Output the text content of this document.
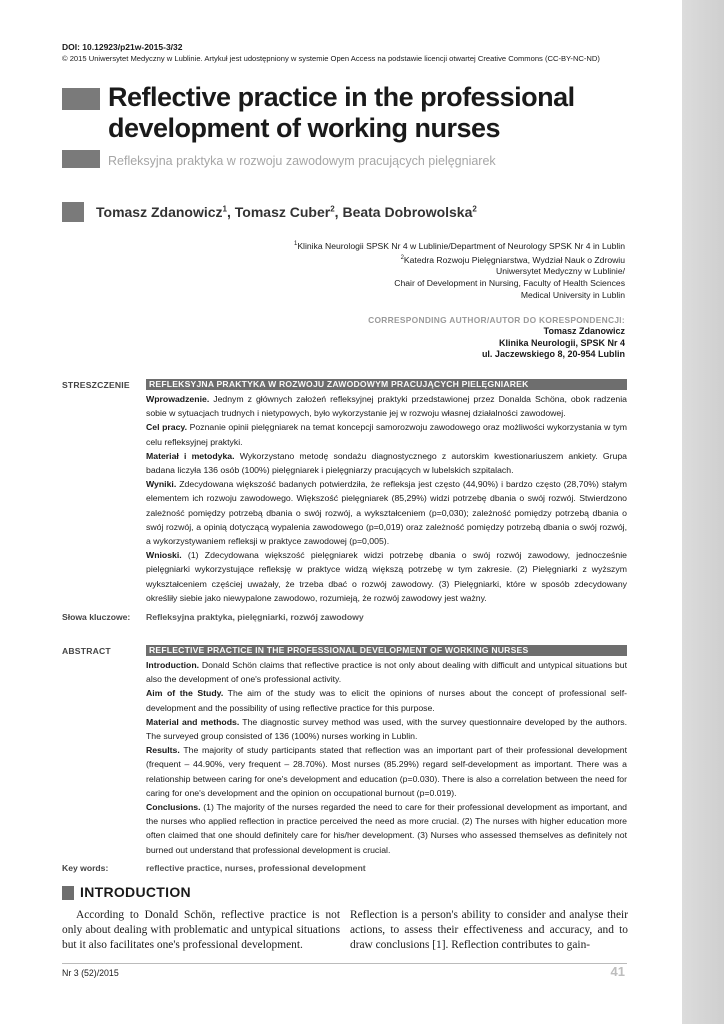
PRACE ORYGINALNE
Original Papers
DOI: 10.12923/p21w-2015-3/32
© 2015 Uniwersytet Medyczny w Lublinie. Artykuł jest udostępniony w systemie Open Access na podstawie licencji otwartej Creative Commons (CC-BY-NC-ND)
Reflective practice in the professional
development of working nurses
Refleksyjna praktyka w rozwoju zawodowym pracujących pielęgniarek
Tomasz Zdanowicz$^1$, Tomasz Cuber$^2$, Beata Dobrowolska$^2$
$^1$Klinika Neurologii SPSK Nr 4 w Lublinie/Department of Neurology SPSK Nr 4 in Lublin
$^2$Katedra Rozwoju Pielęgniarstwa, Wydział Nauk o Zdrowiu
Uniwersytet Medyczny w Lublinie/
Chair of Development in Nursing, Faculty of Health Sciences
Medical University in Lublin
CORRESPONDING AUTHOR/AUTOR DO KORESPONDENCJI:
Tomasz Zdanowicz
Klinika Neurologii, SPSK Nr 4
ul. Jaczewskiego 8, 20-954 Lublin
STRESZCZENIE	REFLEKSYJNA PRAKTYKA W ROZWOJU ZAWODOWYM PRACUJĄCYCH PIELĘGNIAREK

Wprowadzenie. Jednym z głównych założeń refleksyjnej praktyki przedstawionej przez Donalda Schöna, obok radzenia sobie w sytuacjach trudnych i nietypowych, było wykorzystanie jej w rozwoju własnej działalności zawodowej.

Cel pracy. Poznanie opinii pielęgniarek na temat koncepcji samorozwoju zawodowego oraz możliwości wykorzystania w tym celu refleksyjnej praktyki.

Materiał i metodyka. Wykorzystano metodę sondażu diagnostycznego z autorskim kwestionariuszem ankiety. Grupa badana liczyła 136 osób (100%) pielęgniarek i pielęgniarzy pracujących w lubelskich szpitalach.

Wyniki. Zdecydowana większość badanych potwierdziła, że refleksja jest często (44,90%) i bardzo często (28,70%) stałym elementem ich rozwoju zawodowego. Większość pielęgniarek (85,29%) widzi potrzebę dbania o swój rozwój. Stwierdzono zależność pomiędzy potrzebą dbania o swój rozwój, a wykształceniem (p=0,030); zależność pomiędzy potrzebą dbania o swój rozwój, a opinią dotyczącą wypalenia zawodowego (p=0,019) oraz zależność pomiędzy potrzebą dbania o swój rozwój, a wykorzystywaniem refleksji w praktyce zawodowej (p=0,005).

Wnioski. (1) Zdecydowana większość pielęgniarek widzi potrzebę dbania o swój rozwój zawodowy, jednocześnie pielęgniarki wykorzystujące refleksję w praktyce widzą większą potrzebę w tym zakresie. (2) Pielęgniarki z wyższym wykształceniem częściej uważały, że trzeba dbać o rozwój zawodowy. (3) Pielęgniarki, które w sposób zdecydowany określiły siebie jako niewypalone zawodowo, rozumieją, że rozwój zawodowy jest ważny.

Słowa kluczowe: Refleksyjna praktyka, pielęgniarki, rozwój zawodowy
ABSTRACT	REFLECTIVE PRACTICE IN THE PROFESSIONAL DEVELOPMENT OF WORKING NURSES

Introduction. Donald Schön claims that reflective practice is not only about dealing with difficult and untypical situations but also the development of one's professional activity.

Aim of the Study. The aim of the study was to elicit the opinions of nurses about the concept of professional self-development and the possibility of using reflective practice for this purpose.

Material and methods. The diagnostic survey method was used, with the survey questionnaire developed by the authors. The surveyed group consisted of 136 (100%) nurses working in Lublin.

Results. The majority of study participants stated that reflection was an important part of their professional development (frequent – 44.90%, very frequent – 28.70%). Most nurses (85.29%) regard self-development as important. There was a relationship between caring for one's development and education (p=0.030). There is also a correlation between the need for caring for one's development and the opinion on occupational burnout (p=0.019).

Conclusions. (1) The majority of the nurses regarded the need to care for their professional development as important, and the nurses who applied reflection in practice perceived the need as more crucial. (2) The nurses with higher education more often claimed that one should definitely care for his/her development. (3) Nurses who assessed themselves as definitely not burned out understand that professional development is crucial.

Key words:	reflective practice, nurses, professional development
INTRODUCTION

According to Donald Schön, reflective practice is not only about dealing with problematic and untypical situations but it also facilitates one's professional development.

Reflection is a person's ability to consider and analyse their actions, to assess their effectiveness and accuracy, and to draw conclusions [1]. Reflection contributes to gain-

Nr 3 (52)/2015	41
